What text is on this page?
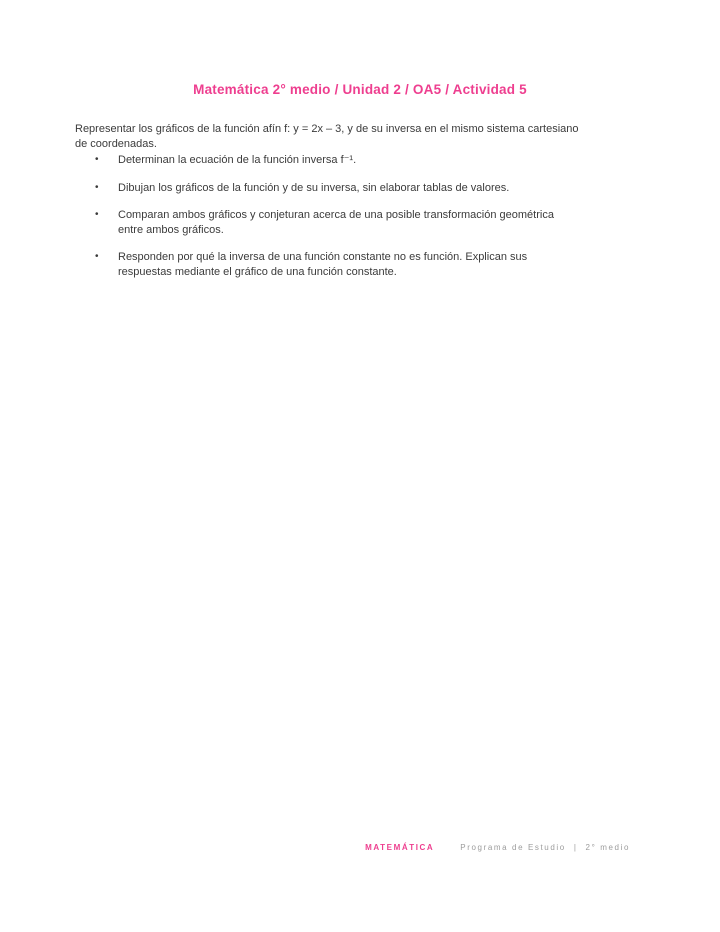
Matemática 2° medio / Unidad 2 / OA5 / Actividad 5
Representar los gráficos de la función afín f: y = 2x – 3, y de su inversa en el mismo sistema cartesiano de coordenadas.
•	Determinan la ecuación de la función inversa f⁻¹.
•	Dibujan los gráficos de la función y de su inversa, sin elaborar tablas de valores.
•	Comparan ambos gráficos y conjeturan acerca de una posible transformación geométrica entre ambos gráficos.
•	Responden por qué la inversa de una función constante no es función. Explican sus respuestas mediante el gráfico de una función constante.
MATEMÁTICA	Programa de Estudio | 2° medio
